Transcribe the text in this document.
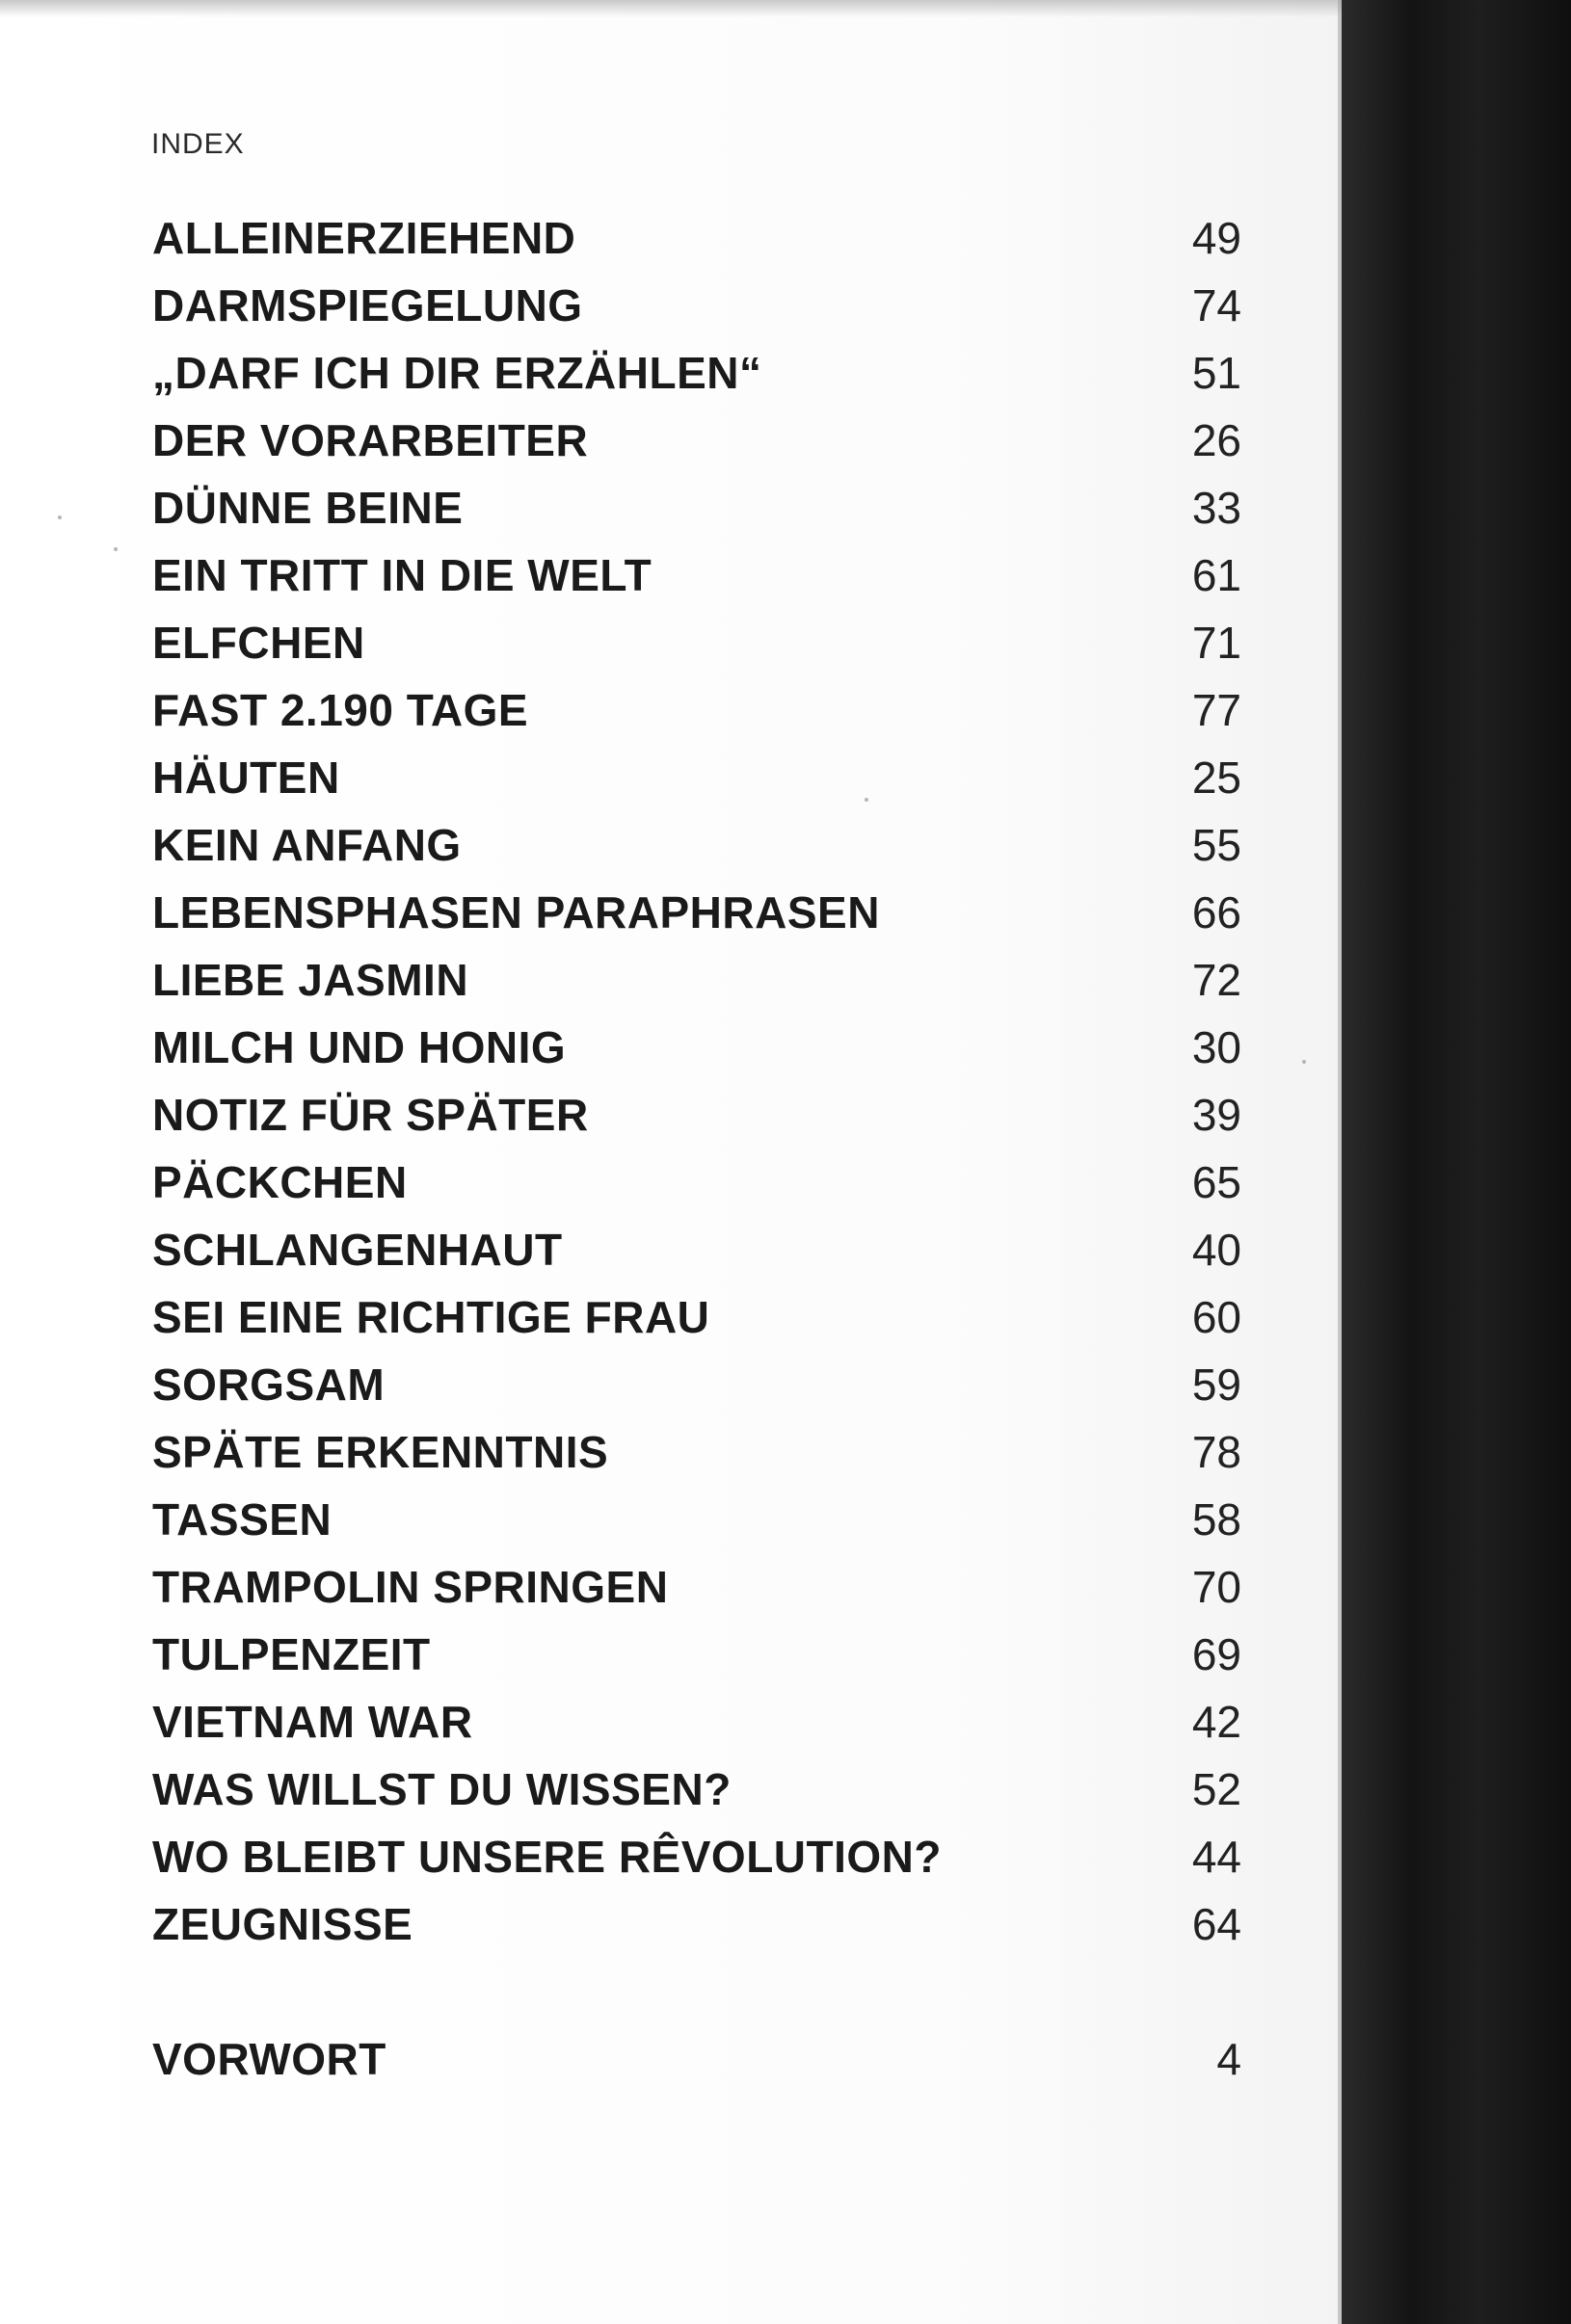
INDEX
ALLEINERZIEHEND	49
DARMSPIEGELUNG	74
„DARF ICH DIR ERZÄHLEN“	51
DER VORARBEITER	26
DÜNNE BEINE	33
EIN TRITT IN DIE WELT	61
ELFCHEN	71
FAST 2.190 TAGE	77
HÄUTEN	25
KEIN ANFANG	55
LEBENSPHASEN PARAPHRASEN	66
LIEBE JASMIN	72
MILCH UND HONIG	30
NOTIZ FÜR SPÄTER	39
PÄCKCHEN	65
SCHLANGENHAUT	40
SEI EINE RICHTIGE FRAU	60
SORGSAM	59
SPÄTE ERKENNTNIS	78
TASSEN	58
TRAMPOLIN SPRINGEN	70
TULPENZEIT	69
VIETNAM WAR	42
WAS WILLST DU WISSEN?	52
WO BLEIBT UNSERE RÊVOLUTION?	44
ZEUGNISSE	64
VORWORT	4
